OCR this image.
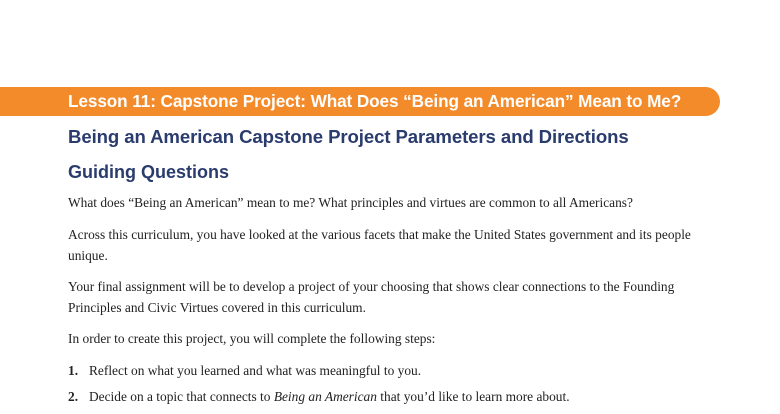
Lesson 11: Capstone Project: What Does “Being an American” Mean to Me?
Being an American Capstone Project Parameters and Directions
Guiding Questions
What does “Being an American” mean to me? What principles and virtues are common to all Americans?
Across this curriculum, you have looked at the various facets that make the United States government and its people unique.
Your final assignment will be to develop a project of your choosing that shows clear connections to the Founding Principles and Civic Virtues covered in this curriculum.
In order to create this project, you will complete the following steps:
1. Reflect on what you learned and what was meaningful to you.
2. Decide on a topic that connects to Being an American that you’d like to learn more about.
